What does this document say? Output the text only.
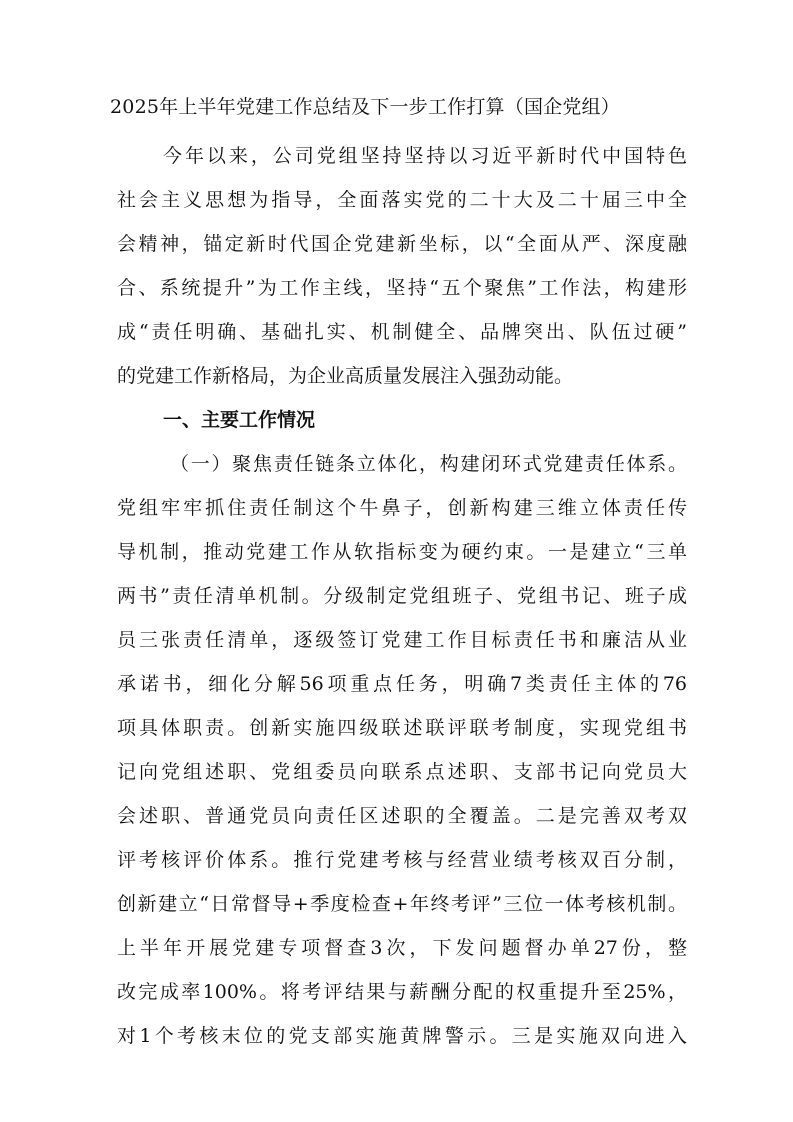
2025年上半年党建工作总结及下一步工作打算（国企党组）
今年以来，公司党组坚持坚持以习近平新时代中国特色
社会主义思想为指导，全面落实党的二十大及二十届三中全
会精神，锚定新时代国企党建新坐标，以“全面从严、深度融
合、系统提升”为工作主线，坚持“五个聚焦”工作法，构建形
成“责任明确、基础扎实、机制健全、品牌突出、队伍过硬”
的党建工作新格局，为企业高质量发展注入强劲动能。
一、主要工作情况
（一）聚焦责任链条立体化，构建闭环式党建责任体系。
党组牢牢抓住责任制这个牛鼻子，创新构建三维立体责任传
导机制，推动党建工作从软指标变为硬约束。一是建立“三单
两书”责任清单机制。分级制定党组班子、党组书记、班子成
员三张责任清单，逐级签订党建工作目标责任书和廉洁从业
承诺书，细化分解56项重点任务，明确7类责任主体的76
项具体职责。创新实施四级联述联评联考制度，实现党组书
记向党组述职、党组委员向联系点述职、支部书记向党员大
会述职、普通党员向责任区述职的全覆盖。二是完善双考双
评考核评价体系。推行党建考核与经营业绩考核双百分制，
创新建立“日常督导+季度检查+年终考评”三位一体考核机制。
上半年开展党建专项督查3次，下发问题督办单27份，整
改完成率100%。将考评结果与薪酬分配的权重提升至25%，
对1个考核末位的党支部实施黄牌警示。三是实施双向进入
